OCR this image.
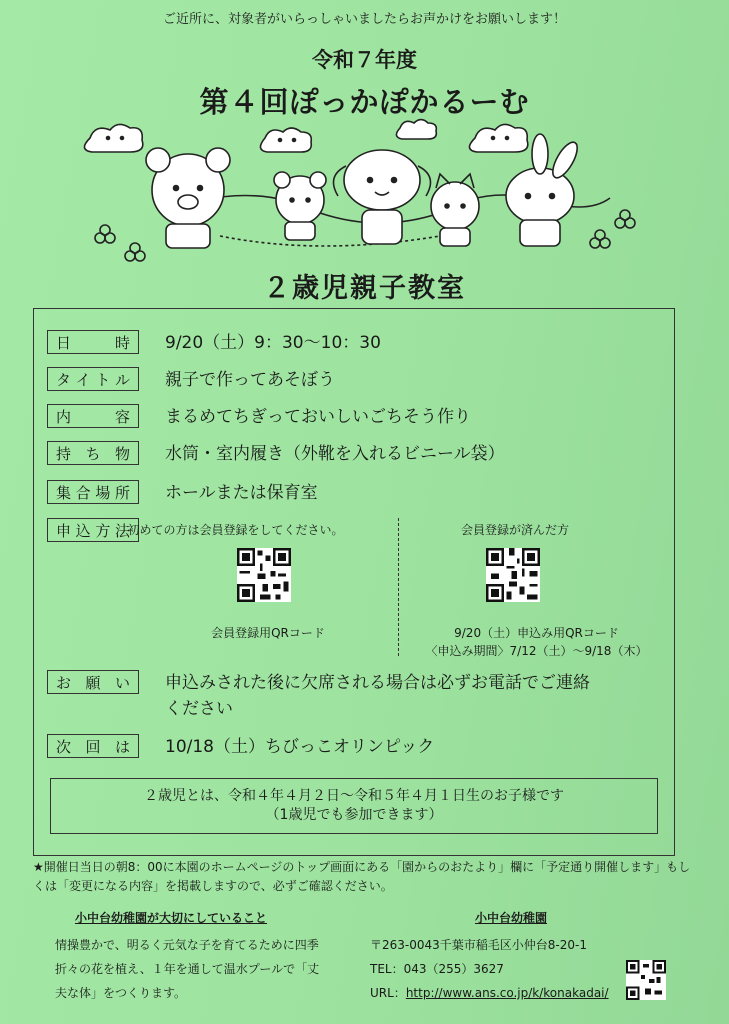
ご近所に、対象者がいらっしゃいましたらお声かけをお願いします！
令和７年度
第４回ぽっかぽかるーむ
２歳児親子教室
日	時 9/20（土）9：30〜10：30
タ イ ト ル 親子で作ってあそぼう
内	容 まるめてちぎっておいしいごちそう作り
持 ち 物 水筒・室内履き（外靴を入れるビニール袋）
集 合 場 所 ホールまたは保育室
申 込 方 法
初めての方は会員登録をしてください。
会員登録用QRコード
会員登録が済んだ方
9/20（土）申込み用QRコード
〈申込み期間〉7/12（土）〜9/18（木）
お 願 い 申込みされた後に欠席される場合は必ずお電話でご連絡
ください
次 回 は 10/18（土）ちびっこオリンピック
２歳児とは、令和４年４月２日〜令和５年４月１日生のお子様です
（1歳児でも参加できます）
★開催日当日の朝8：00に本園のホームページのトップ画面にある「園からのおたより」欄に「予定通り開催します」もしくは「変更になる内容」を掲載しますので、必ずご確認ください。
小中台幼稚園が大切にしていること
情操豊かで、明るく元気な子を育てるために四季折々の花を植え、１年を通して温水プールで「丈夫な体」をつくります。
小中台幼稚園
〒263-0043千葉市稲毛区小仲台8-20-1
TEL：043（255）3627
URL：http://www.ans.co.jp/k/konakadai/
